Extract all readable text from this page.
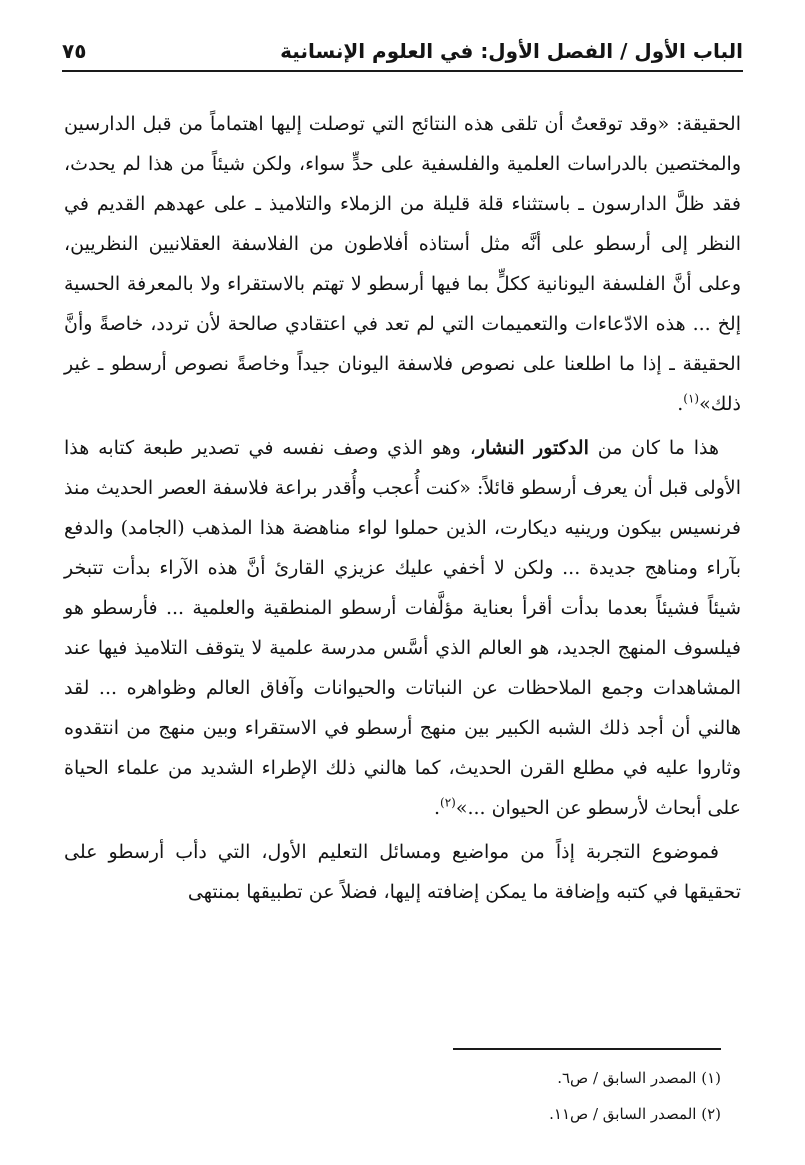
الباب الأول / الفصل الأول: في العلوم الإنسانية
٧٥

الحقيقة: «وقد توقعتُ أن تلقى هذه النتائج التي توصلت إليها اهتماماً من قبل الدارسين والمختصين بالدراسات العلمية والفلسفية على حدٍّ سواء، ولكن شيئاً من هذا لم يحدث، فقد ظلَّ الدارسون ـ باستثناء قلة قليلة من الزملاء والتلاميذ ـ على عهدهم القديم في النظر إلى أرسطو على أنَّه مثل أستاذه أفلاطون من الفلاسفة العقلانيين النظريين، وعلى أنَّ الفلسفة اليونانية ككلٍّ بما فيها أرسطو لا تهتم بالاستقراء ولا بالمعرفة الحسية إلخ ... هذه الادّعاءات والتعميمات التي لم تعد في اعتقادي صالحة لأن تردد، خاصةً وأنَّ الحقيقة ـ إذا ما اطلعنا على نصوص فلاسفة اليونان جيداً وخاصةً نصوص أرسطو ـ غير ذلك»$^{(١)}$.

هذا ما كان من الدكتور النشار، وهو الذي وصف نفسه في تصدير طبعة كتابه هذا الأولى قبل أن يعرف أرسطو قائلاً: «كنت أُعجب وأُقدر براعة فلاسفة العصر الحديث منذ فرنسيس بيكون ورينيه ديكارت، الذين حملوا لواء مناهضة هذا المذهب (الجامد) والدفع بآراء ومناهج جديدة ... ولكن لا أخفي عليك عزيزي القارئ أنَّ هذه الآراء بدأت تتبخر شيئاً فشيئاً بعدما بدأت أقرأ بعناية مؤلَّفات أرسطو المنطقية والعلمية ... فأرسطو هو فيلسوف المنهج الجديد، هو العالم الذي أسَّس مدرسة علمية لا يتوقف التلاميذ فيها عند المشاهدات وجمع الملاحظات عن النباتات والحيوانات وآفاق العالم وظواهره ... لقد هالني أن أجد ذلك الشبه الكبير بين منهج أرسطو في الاستقراء وبين منهج من انتقدوه وثاروا عليه في مطلع القرن الحديث، كما هالني ذلك الإطراء الشديد من علماء الحياة على أبحاث لأرسطو عن الحيوان ...»$^{(٢)}$.

فموضوع التجربة إذاً من مواضيع ومسائل التعليم الأول، التي دأب أرسطو على تحقيقها في كتبه وإضافة ما يمكن إضافته إليها، فضلاً عن تطبيقها بمنتهى

(١) المصدر السابق / ص٦.

(٢) المصدر السابق / ص١١.
